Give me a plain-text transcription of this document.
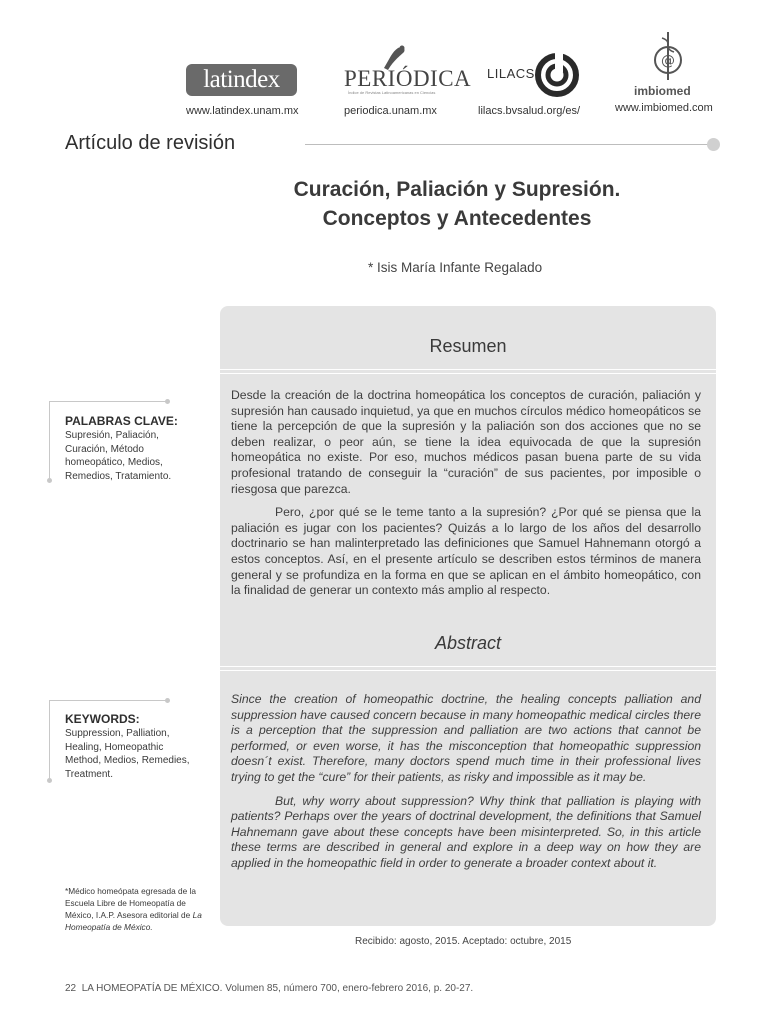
latindex
www.latindex.unam.mx
PERIÓDICA
Índice de Revistas Latinoamericanas en Ciencias
periodica.unam.mx
LILACS
lilacs.bvsalud.org/es/
@
imbiomed
www.imbiomed.com
Artículo de revisión
Curación, Paliación y Supresión.
Conceptos y Antecedentes
* Isis María Infante Regalado
Resumen

Desde la creación de la doctrina homeopática los conceptos de curación, paliación y supresión han causado inquietud, ya que en muchos círculos médico homeopáticos se tiene la percepción de que la supresión y la paliación son dos acciones que no se deben realizar, o peor aún, se tiene la idea equivocada de que la supresión homeopática no existe. Por eso, muchos médicos pasan buena parte de su vida profesional tratando de conseguir la “curación” de sus pacientes, por imposible o riesgosa que parezca.

Pero, ¿por qué se le teme tanto a la supresión? ¿Por qué se piensa que la paliación es jugar con los pacientes? Quizás a lo largo de los años del desarrollo doctrinario se han malinterpretado las definiciones que Samuel Hahnemann otorgó a estos conceptos. Así, en el presente artículo se describen estos términos de manera general y se profundiza en la forma en que se aplican en el ámbito homeopático, con la finalidad de generar un contexto más amplio al respecto.

Abstract

Since the creation of homeopathic doctrine, the healing concepts palliation and suppression have caused concern because in many homeopathic medical circles there is a perception that the suppression and palliation are two actions that cannot be performed, or even worse, it has the misconception that homeopathic suppression doesn´t exist. Therefore, many doctors spend much time in their professional lives trying to get the “cure” for their patients, as risky and impossible as it may be.

But, why worry about suppression? Why think that palliation is playing with patients? Perhaps over the years of doctrinal development, the definitions that Samuel Hahnemann gave about these concepts have been misinterpreted. So, in this article these terms are described in general and explore in a deep way on how they are applied in the homeopathic field in order to generate a broader context about it.

Recibido: agosto, 2015. Aceptado: octubre, 2015
PALABRAS CLAVE:
Supresión, Paliación, Curación, Método homeopático, Medios, Remedios, Tratamiento.
KEYWORDS:
Suppression, Palliation, Healing, Homeopathic Method, Medios, Remedies, Treatment.
*Médico homeópata egresada de la Escuela Libre de Homeopatía de México, I.A.P. Asesora editorial de La Homeopatía de México.
22 LA HOMEOPATÍA DE MÉXICO. Volumen 85, número 700, enero-febrero 2016, p. 20-27.
